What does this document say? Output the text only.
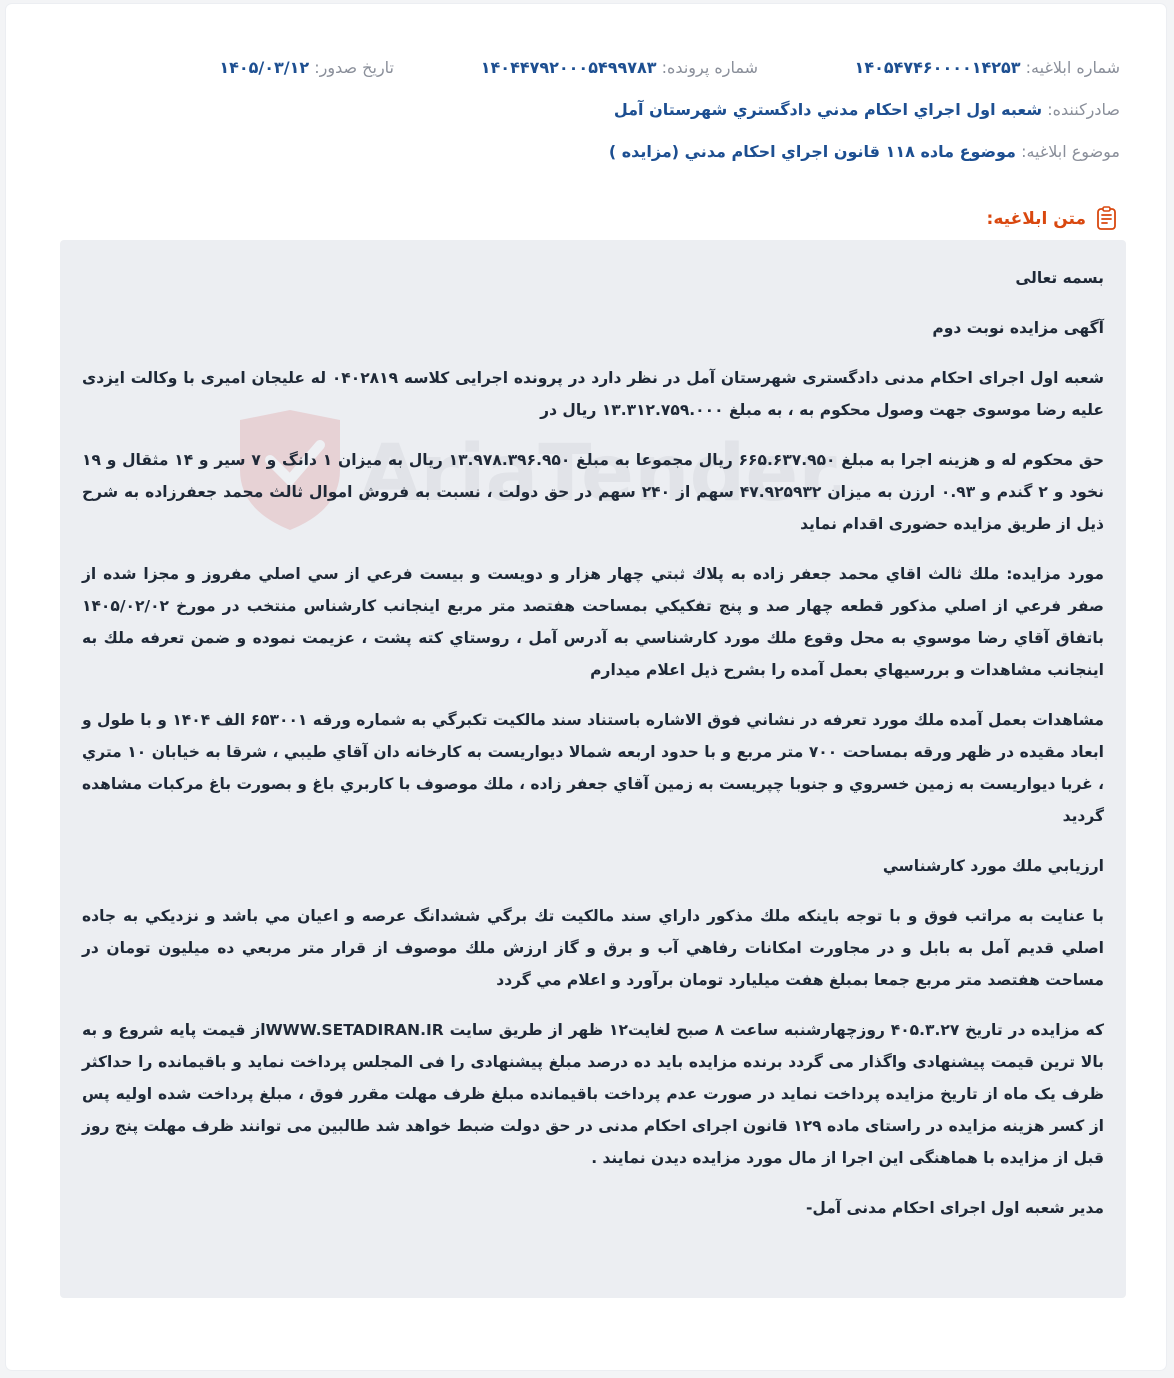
شماره ابلاغيه: ۱۴۰۵۴۷۴۶۰۰۰۰۱۴۲۵۳
شماره پرونده: ۱۴۰۴۴۷۹۲۰۰۰۵۴۹۹۷۸۳
تاريخ صدور: ۱۴۰۵/۰۳/۱۲
صادرکننده: شعبه اول اجراي احکام مدني دادگستري شهرستان آمل
موضوع ابلاغيه: موضوع ماده ۱۱۸ قانون اجراي احکام مدني (مزايده )
متن ابلاغيه:
AriaTender

بسمه تعالی

آگهی مزایده نوبت دوم

شعبه اول اجرای احکام مدنی دادگستری شهرستان آمل در نظر دارد در پرونده اجرایی کلاسه ۰۴۰۲۸۱۹ له علیجان امیری با وکالت ایزدی علیه رضا موسوی جهت وصول محکوم به ، به مبلغ ۱۳.۳۱۲.۷۵۹.۰۰۰ ریال در

حق محکوم له و هزینه اجرا به مبلغ ۶۶۵.۶۳۷.۹۵۰ ریال مجموعا به مبلغ ۱۳.۹۷۸.۳۹۶.۹۵۰ ریال به میزان ۱ دانگ و ۷ سیر و ۱۴ مثقال و ۱۹ نخود و ۲ گندم و ۰.۹۳ ارزن به میزان ۴۷.۹۲۵۹۳۲ سهم از ۲۴۰ سهم در حق دولت ، نسبت به فروش اموال ثالث محمد جعفرزاده به شرح ذیل از طریق مزایده حضوری اقدام نماید

مورد مزایده: ملك ثالث اقاي محمد جعفر زاده به پلاك ثبتي چهار هزار و دويست و بيست فرعي از سي اصلي مفروز و مجزا شده از صفر فرعي از اصلي مذكور قطعه چهار صد و پنج تفكيكي بمساحت هفتصد متر مربع اينجانب كارشناس منتخب در مورخ ۱۴۰۵/۰۲/۰۲ باتفاق آقاي رضا موسوي به محل وقوع ملك مورد كارشناسي به آدرس آمل ، روستاي كته پشت ، عزيمت نموده و ضمن تعرفه ملك به اينجانب مشاهدات و بررسيهاي بعمل آمده را بشرح ذيل اعلام ميدارم

مشاهدات بعمل آمده ملك مورد تعرفه در نشاني فوق الاشاره باستناد سند مالكيت تكبرگي به شماره ورقه ۶۵۳۰۰۱ الف ۱۴۰۴ و با طول و ابعاد مقيده در ظهر ورقه بمساحت ۷۰۰ متر مربع و با حدود اربعه شمالا ديواريست به كارخانه دان آقاي طيبي ، شرقا به خيابان ۱۰ متري ، غربا ديواريست به زمين خسروي و جنوبا چپريست به زمين آقاي جعفر زاده ، ملك موصوف با كاربري باغ و بصورت باغ مركبات مشاهده گرديد

ارزيابي ملك مورد كارشناسي

با عنايت به مراتب فوق و با توجه باينكه ملك مذكور داراي سند مالكيت تك برگي ششدانگ عرصه و اعيان مي باشد و نزديكي به جاده اصلي قديم آمل به بابل و در مجاورت امكانات رفاهي آب و برق و گاز ارزش ملك موصوف از قرار متر مربعي ده ميليون تومان در مساحت هفتصد متر مربع جمعا بمبلغ هفت ميليارد تومان برآورد و اعلام مي گردد

كه مزايده در تاريخ ۴۰۵.۳.۲۷ روزچهارشنبه ساعت ۸ صبح لغایت۱۲ ظهر از طریق سایت WWW.SETADIRAN.IRاز قیمت پایه شروع و به بالا ترین قیمت پیشنهادی واگذار می گردد برنده مزایده باید ده درصد مبلغ پیشنهادی را فی المجلس پرداخت نماید و باقیمانده را حداکثر ظرف یک ماه از تاریخ مزایده پرداخت نماید در صورت عدم پرداخت باقیمانده مبلغ ظرف مهلت مقرر فوق ، مبلغ پرداخت شده اولیه پس از کسر هزینه مزایده در راستای ماده ۱۲۹ قانون اجرای احکام مدنی در حق دولت ضبط خواهد شد طالبین می توانند ظرف مهلت پنج روز قبل از مزایده با هماهنگی این اجرا از مال مورد مزایده دیدن نمایند .

مدیر شعبه اول اجرای احکام مدنی آمل-
